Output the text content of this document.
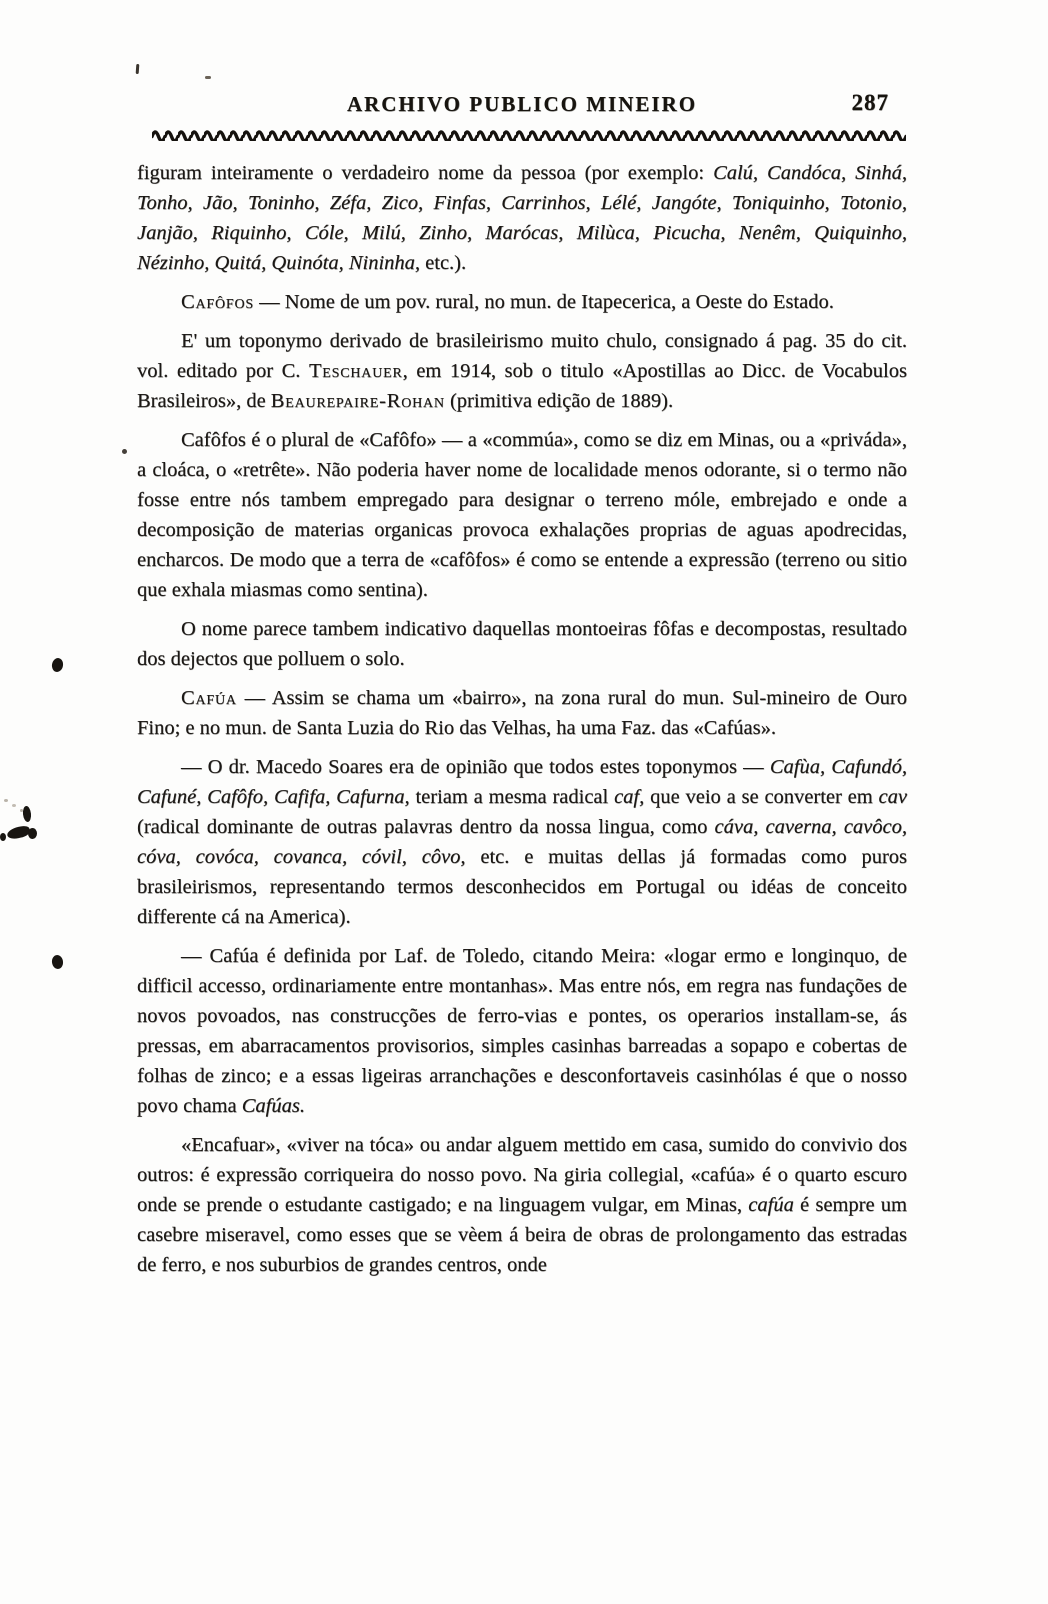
ARCHIVO PUBLICO MINEIRO	287

figuram inteiramente o verdadeiro nome da pessoa (por exemplo: Calú, Candóca, Sinhá, Tonho, Jão, Toninho, Zéfa, Zico, Finfas, Carrinhos, Lélé, Jangóte, Toniquinho, Totonio, Janjão, Riquinho, Cóle, Milú, Zinho, Marócas, Milùca, Picucha, Nenêm, Quiquinho, Nézinho, Quitá, Quinóta, Nininha, etc.).

Cafôfos — Nome de um pov. rural, no mun. de Itapecerica, a Oeste do Estado.

E' um toponymo derivado de brasileirismo muito chulo, consignado á pag. 35 do cit. vol. editado por C. Teschauer, em 1914, sob o titulo «Apostillas ao Dicc. de Vocabulos Brasileiros», de Beaurepaire-Rohan (primitiva edição de 1889).

Cafôfos é o plural de «Cafôfo» — a «commúa», como se diz em Minas, ou a «priváda», a cloáca, o «retrête». Não poderia haver nome de localidade menos odorante, si o termo não fosse entre nós tambem empregado para designar o terreno móle, embrejado e onde a decomposição de materias organicas provoca exhalações proprias de aguas apodrecidas, encharcos. De modo que a terra de «cafôfos» é como se entende a expressão (terreno ou sitio que exhala miasmas como sentina).

O nome parece tambem indicativo daquellas montoeiras fôfas e decompostas, resultado dos dejectos que polluem o solo.

Cafúa — Assim se chama um «bairro», na zona rural do mun. Sul-mineiro de Ouro Fino; e no mun. de Santa Luzia do Rio das Velhas, ha uma Faz. das «Cafúas».

— O dr. Macedo Soares era de opinião que todos estes toponymos — Cafùa, Cafundó, Cafuné, Cafôfo, Cafifa, Cafurna, teriam a mesma radical caf, que veio a se converter em cav (radical dominante de outras palavras dentro da nossa lingua, como cáva, caverna, cavôco, cóva, covóca, covanca, cóvil, côvo, etc. e muitas dellas já formadas como puros brasileirismos, representando termos desconhecidos em Portugal ou idéas de conceito differente cá na America).

— Cafúa é definida por Laf. de Toledo, citando Meira: «logar ermo e longinquo, de difficil accesso, ordinariamente entre montanhas». Mas entre nós, em regra nas fundações de novos povoados, nas construcções de ferro-vias e pontes, os operarios installam-se, ás pressas, em abarracamentos provisorios, simples casinhas barreadas a sopapo e cobertas de folhas de zinco; e a essas ligeiras arranchações e desconfortaveis casinhólas é que o nosso povo chama Cafúas.

«Encafuar», «viver na tóca» ou andar alguem mettido em casa, sumido do convivio dos outros: é expressão corriqueira do nosso povo. Na giria collegial, «cafúa» é o quarto escuro onde se prende o estudante castigado; e na linguagem vulgar, em Minas, cafúa é sempre um casebre miseravel, como esses que se vèem á beira de obras de prolongamento das estradas de ferro, e nos suburbios de grandes centros, onde
